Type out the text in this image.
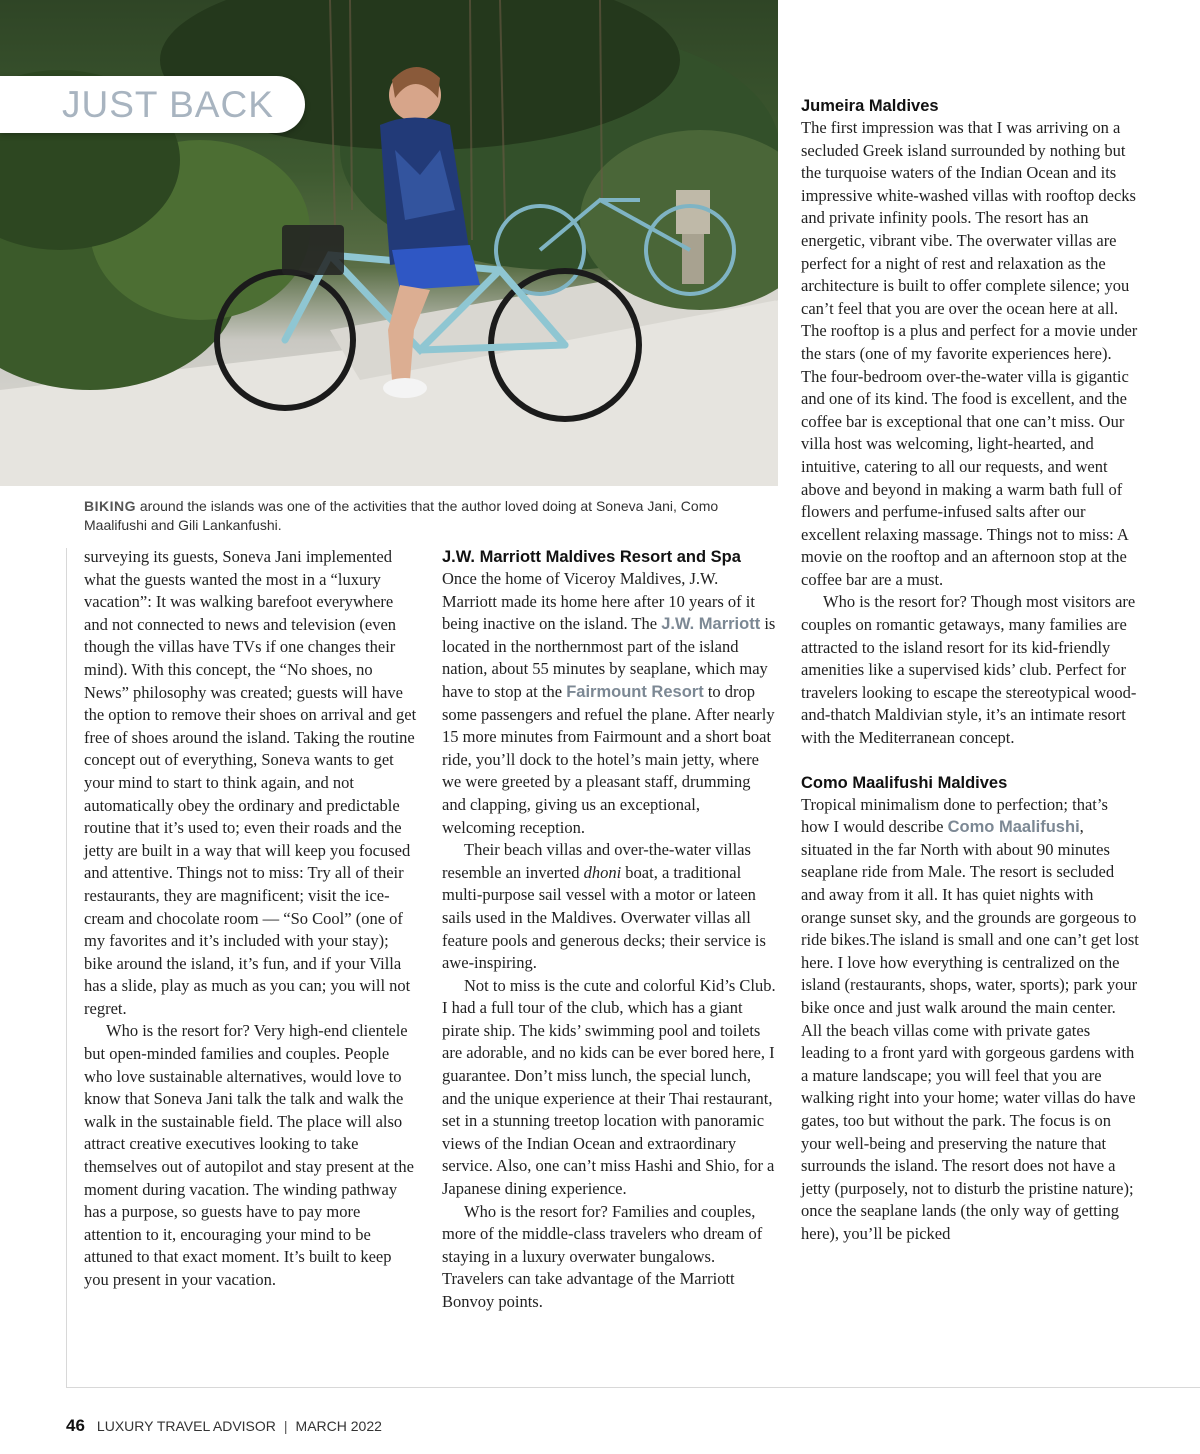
JUST BACK
BIKING around the islands was one of the activities that the author loved doing at Soneva Jani, Como Maalifushi and Gili Lankanfushi.

surveying its guests, Soneva Jani implemented what the guests wanted the most in a “luxury vacation”: It was walking barefoot everywhere and not connected to news and television (even though the villas have TVs if one changes their mind). With this concept, the “No shoes, no News” philosophy was created; guests will have the option to remove their shoes on arrival and get free of shoes around the island. Taking the routine concept out of everything, Soneva wants to get your mind to start to think again, and not automatically obey the ordinary and predictable routine that it’s used to; even their roads and the jetty are built in a way that will keep you focused and attentive. Things not to miss: Try all of their restaurants, they are magnificent; visit the ice-cream and chocolate room — “So Cool” (one of my favorites and it’s included with your stay); bike around the island, it’s fun, and if your Villa has a slide, play as much as you can; you will not regret.

Who is the resort for? Very high-end clientele but open-minded families and couples. People who love sustainable alternatives, would love to know that Soneva Jani talk the talk and walk the walk in the sustainable field. The place will also attract creative executives looking to take themselves out of autopilot and stay present at the moment during vacation. The winding pathway has a purpose, so guests have to pay more attention to it, encouraging your mind to be attuned to that exact moment. It’s built to keep you present in your vacation.

J.W. Marriott Maldives Resort and Spa

Once the home of Viceroy Maldives, J.W. Marriott made its home here after 10 years of it being inactive on the island. The J.W. Marriott is located in the northernmost part of the island nation, about 55 minutes by seaplane, which may have to stop at the Fairmount Resort to drop some passengers and refuel the plane. After nearly 15 more minutes from Fairmount and a short boat ride, you’ll dock to the hotel’s main jetty, where we were greeted by a pleasant staff, drumming and clapping, giving us an exceptional, welcoming reception.

Their beach villas and over-the-water villas resemble an inverted dhoni boat, a traditional multi-purpose sail vessel with a motor or lateen sails used in the Maldives. Overwater villas all feature pools and generous decks; their service is awe-inspiring.

Not to miss is the cute and colorful Kid’s Club. I had a full tour of the club, which has a giant pirate ship. The kids’ swimming pool and toilets are adorable, and no kids can be ever bored here, I guarantee. Don’t miss lunch, the special lunch, and the unique experience at their Thai restaurant, set in a stunning treetop location with panoramic views of the Indian Ocean and extraordinary service. Also, one can’t miss Hashi and Shio, for a Japanese dining experience.

Who is the resort for? Families and couples, more of the middle-class travelers who dream of staying in a luxury overwater bungalows. Travelers can take advantage of the Marriott Bonvoy points.

Jumeira Maldives

The first impression was that I was arriving on a secluded Greek island surrounded by nothing but the turquoise waters of the Indian Ocean and its impressive white-washed villas with rooftop decks and private infinity pools. The resort has an energetic, vibrant vibe. The overwater villas are perfect for a night of rest and relaxation as the architecture is built to offer complete silence; you can’t feel that you are over the ocean here at all. The rooftop is a plus and perfect for a movie under the stars (one of my favorite experiences here). The four-bedroom over-the-water villa is gigantic and one of its kind. The food is excellent, and the coffee bar is exceptional that one can’t miss. Our villa host was welcoming, light-hearted, and intuitive, catering to all our requests, and went above and beyond in making a warm bath full of flowers and perfume-infused salts after our excellent relaxing massage. Things not to miss: A movie on the rooftop and an afternoon stop at the coffee bar are a must.

Who is the resort for? Though most visitors are couples on romantic getaways, many families are attracted to the island resort for its kid-friendly amenities like a supervised kids’ club. Perfect for travelers looking to escape the stereotypical wood-and-thatch Maldivian style, it’s an intimate resort with the Mediterranean concept.

Como Maalifushi Maldives

Tropical minimalism done to perfection; that’s how I would describe Como Maalifushi, situated in the far North with about 90 minutes seaplane ride from Male. The resort is secluded and away from it all. It has quiet nights with orange sunset sky, and the grounds are gorgeous to ride bikes.The island is small and one can’t get lost here. I love how everything is centralized on the island (restaurants, shops, water, sports); park your bike once and just walk around the main center. All the beach villas come with private gates leading to a front yard with gorgeous gardens with a mature landscape; you will feel that you are walking right into your home; water villas do have gates, too but without the park. The focus is on your well-being and preserving the nature that surrounds the island. The resort does not have a jetty (purposely, not to disturb the pristine nature); once the seaplane lands (the only way of getting here), you’ll be picked

46 LUXURY TRAVEL ADVISOR | MARCH 2022
